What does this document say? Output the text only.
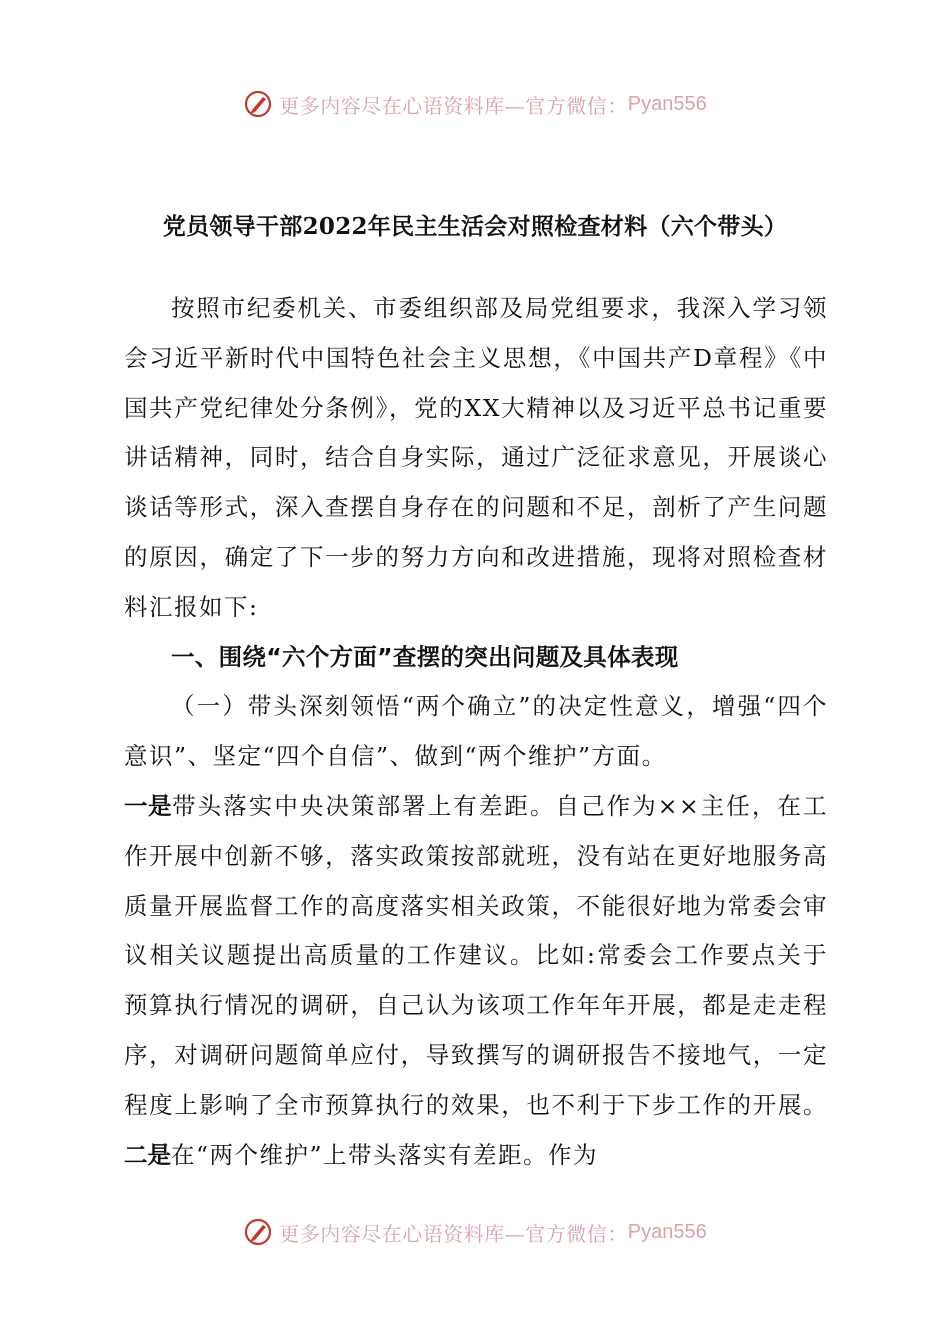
更多内容尽在心语资料库—官方微信： Pyan556
党员领导干部2022年民主生活会对照检查材料（六个带头）

按照市纪委机关、市委组织部及局党组要求，我深入学习领会习近平新时代中国特色社会主义思想，《中国共产D章程》《中国共产党纪律处分条例》，党的XX大精神以及习近平总书记重要讲话精神，同时，结合自身实际，通过广泛征求意见，开展谈心谈话等形式，深入查摆自身存在的问题和不足，剖析了产生问题的原因，确定了下一步的努力方向和改进措施，现将对照检查材料汇报如下:

一、围绕“六个方面”查摆的突出问题及具体表现

（一）带头深刻领悟“两个确立”的决定性意义，增强“四个意识”、坚定“四个自信”、做到“两个维护”方面。

一是带头落实中央决策部署上有差距。自己作为××主任，在工作开展中创新不够，落实政策按部就班，没有站在更好地服务高质量开展监督工作的高度落实相关政策，不能很好地为常委会审议相关议题提出高质量的工作建议。比如:常委会工作要点关于预算执行情况的调研，自己认为该项工作年年开展，都是走走程序，对调研问题简单应付，导致撰写的调研报告不接地气，一定程度上影响了全市预算执行的效果，也不利于下步工作的开展。二是在“两个维护”上带头落实有差距。作为

更多内容尽在心语资料库—官方微信： Pyan556
